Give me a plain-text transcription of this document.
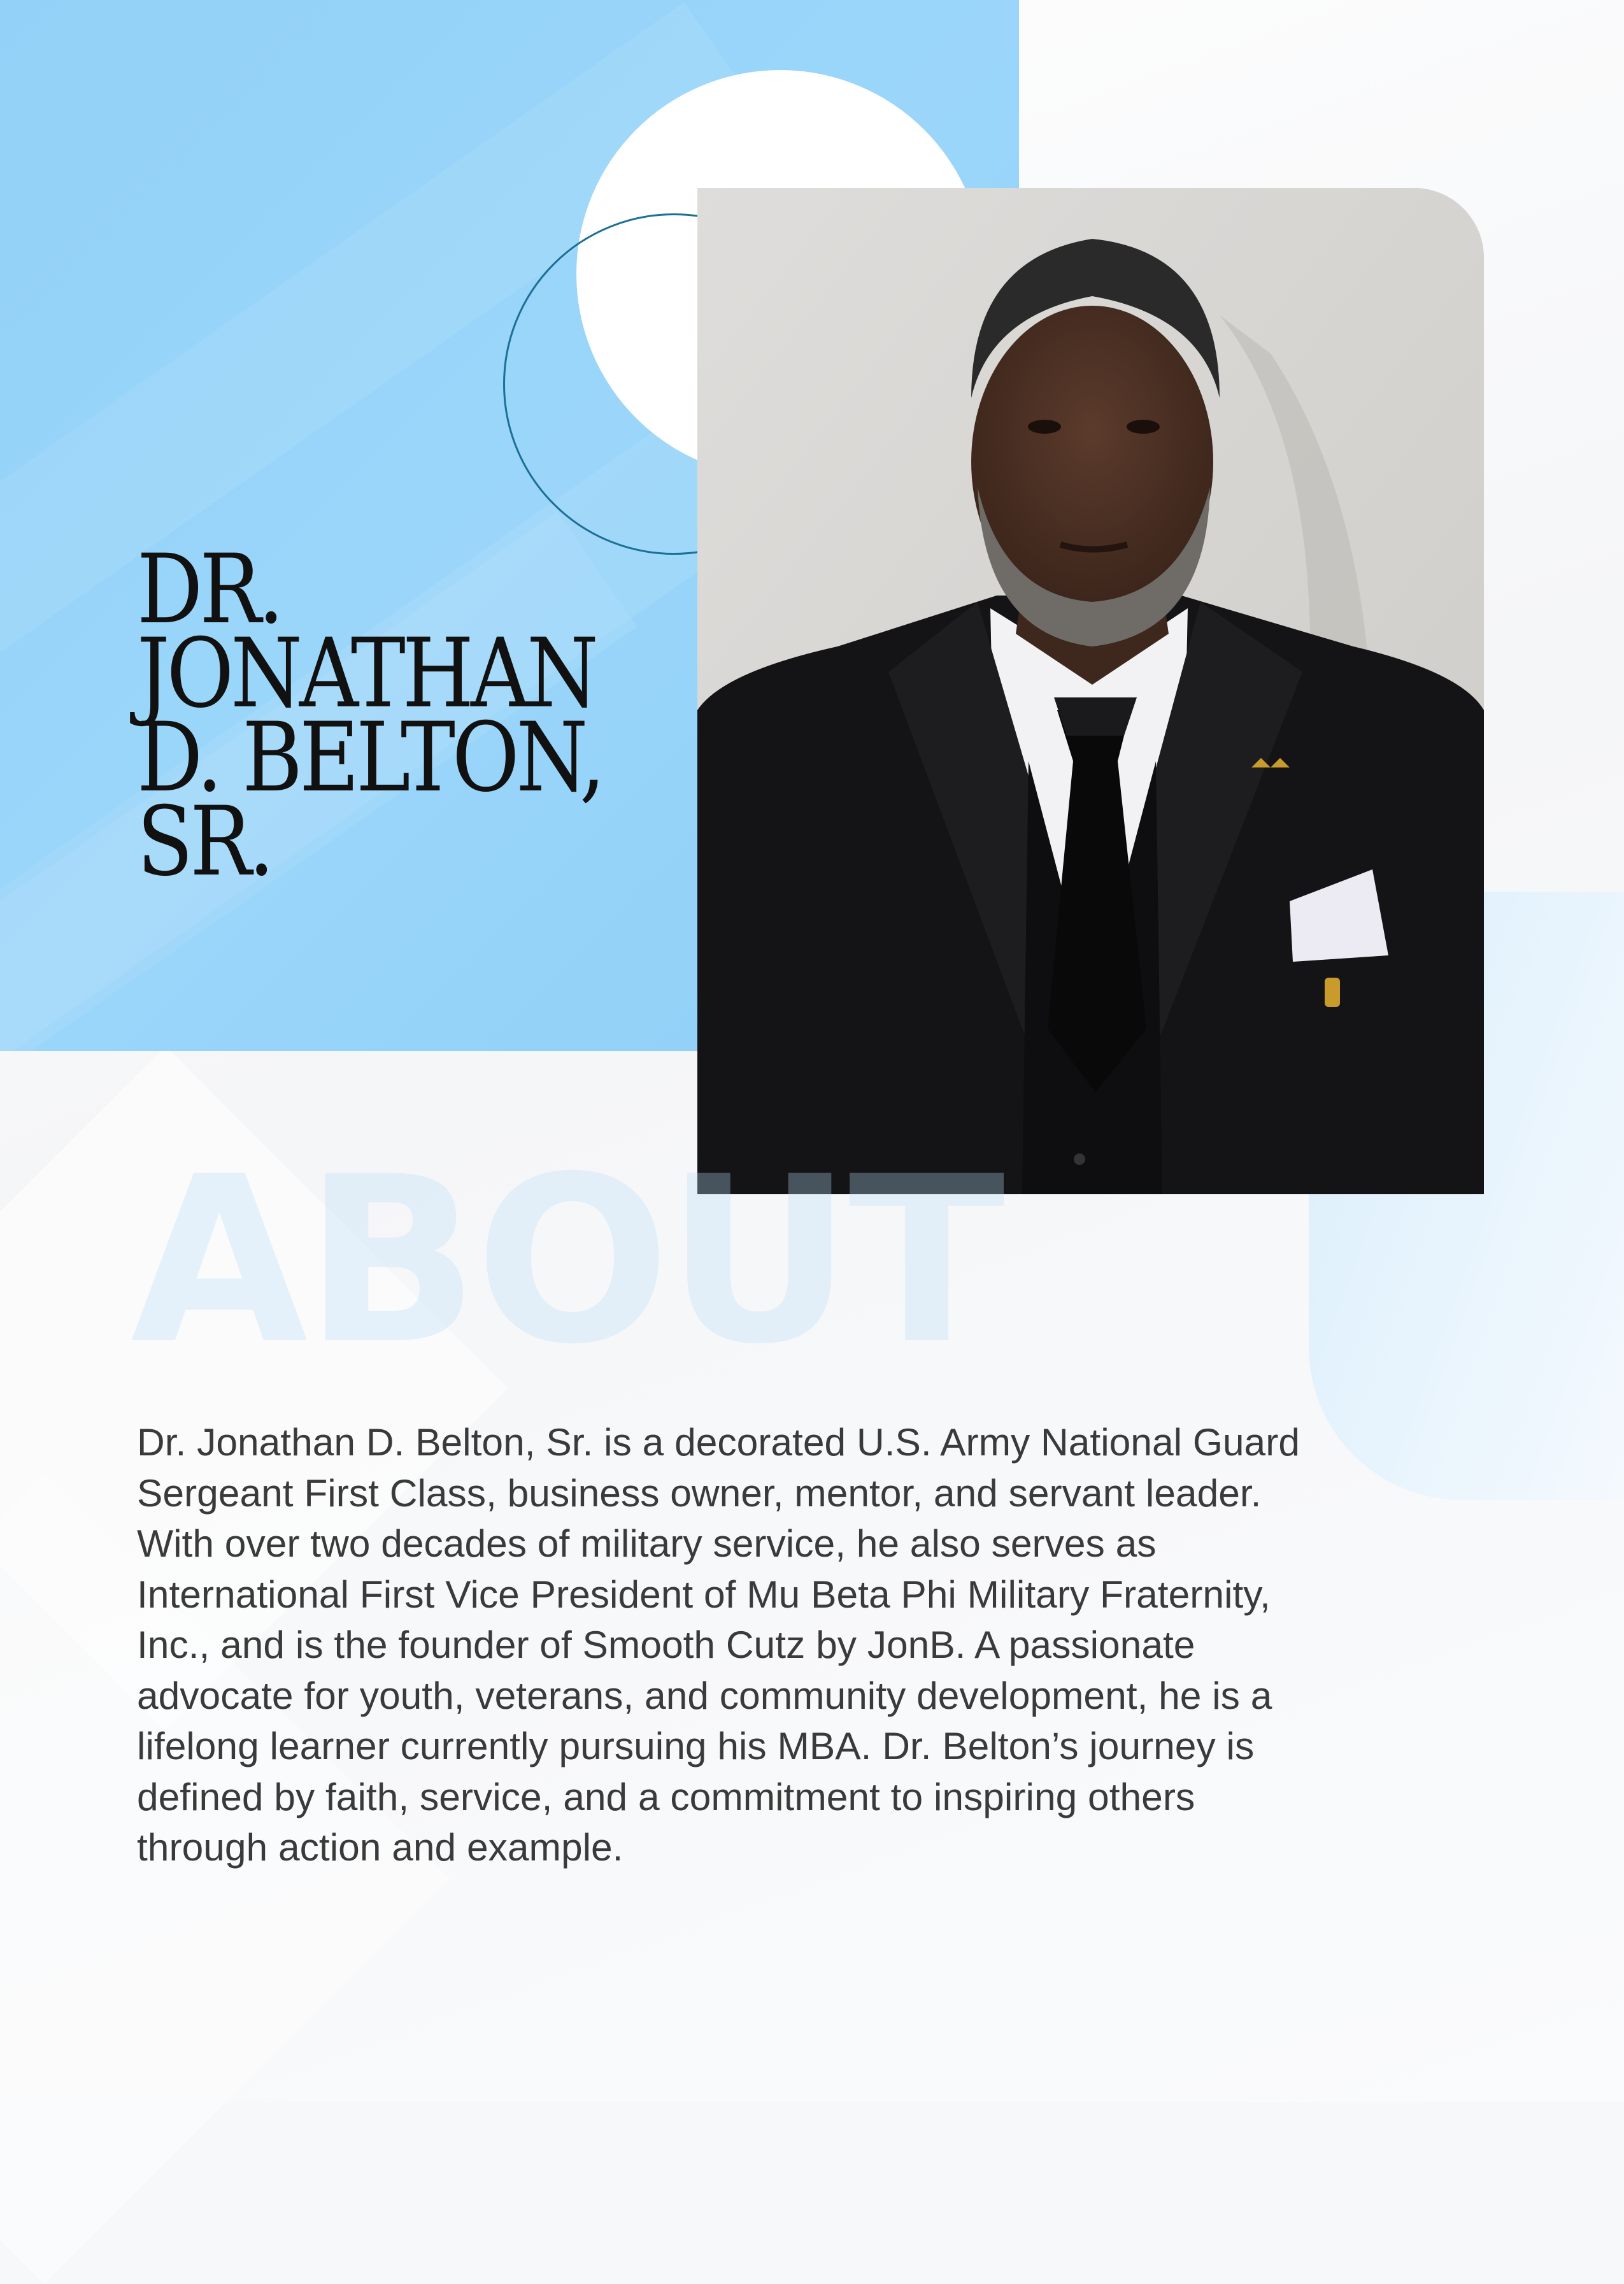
DR.
JONATHAN
D. BELTON,
SR.
ABOUT

Dr. Jonathan D. Belton, Sr. is a decorated U.S. Army National Guard Sergeant First Class, business owner, mentor, and servant leader. With over two decades of military service, he also serves as International First Vice President of Mu Beta Phi Military Fraternity, Inc., and is the founder of Smooth Cutz by JonB. A passionate advocate for youth, veterans, and community development, he is a lifelong learner currently pursuing his MBA. Dr. Belton’s journey is defined by faith, service, and a commitment to inspiring others through action and example.
